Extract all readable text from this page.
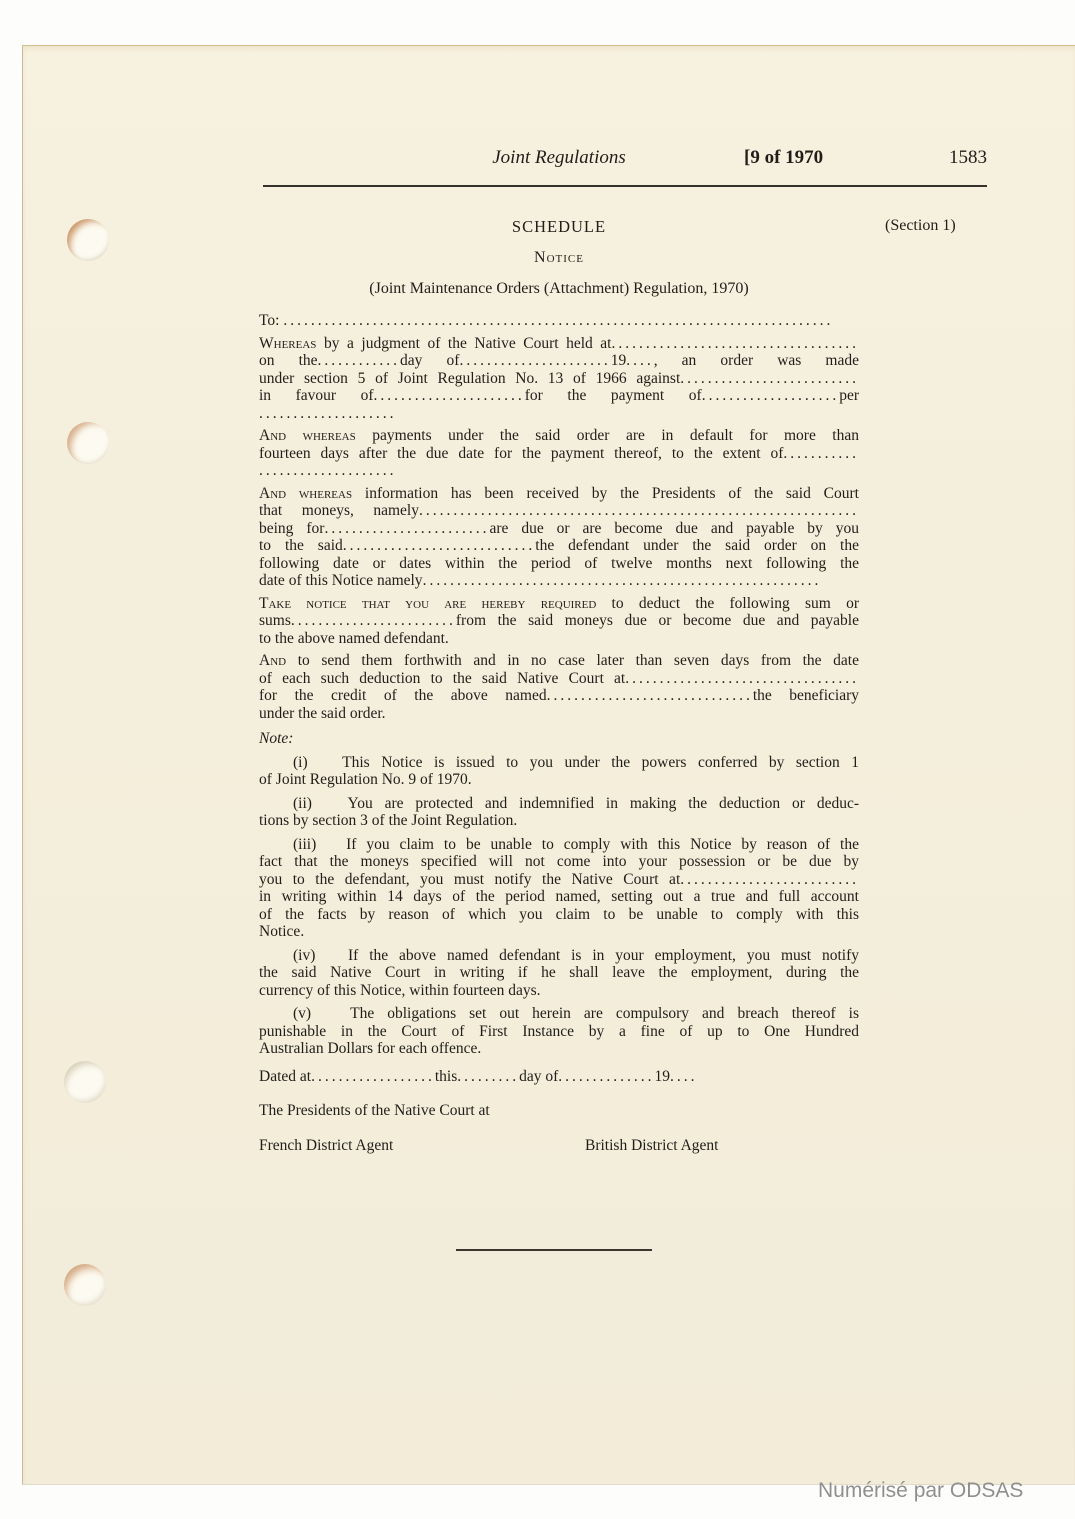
Joint Regulations	[9 of 1970	1583
SCHEDULE	(Section 1)
Notice
(Joint Maintenance Orders (Attachment) Regulation, 1970)
To: ................................................................................
Whereas by a judgment of the Native Court held at....................................
on the............day of......................19...., an order was made
under section 5 of Joint Regulation No. 13 of 1966 against..........................
in favour of......................for the payment of....................per
....................
And whereas payments under the said order are in default for more than
fourteen days after the due date for the payment thereof, to the extent of...........
....................
And whereas information has been received by the Presidents of the said Court
that moneys, namely................................................................
being for........................are due or are become due and payable by you
to the said............................the defendant under the said order on the
following date or dates within the period of twelve months next following the
date of this Notice namely..........................................................
Take notice that you are hereby required to deduct the following sum or
sums........................from the said moneys due or become due and payable
to the above named defendant.
And to send them forthwith and in no case later than seven days from the date
of each such deduction to the said Native Court at..................................
for the credit of the above named..............................the beneficiary
under the said order.
Note:
(i)   This Notice is issued to you under the powers conferred by section 1
of Joint Regulation No. 9 of 1970.
(ii)   You are protected and indemnified in making the deduction or deduc-
tions by section 3 of the Joint Regulation.
(iii)   If you claim to be unable to comply with this Notice by reason of the
fact that the moneys specified will not come into your possession or be due by
you to the defendant, you must notify the Native Court at..........................
in writing within 14 days of the period named, setting out a true and full account
of the facts by reason of which you claim to be unable to comply with this
Notice.
(iv)   If the above named defendant is in your employment, you must notify
the said Native Court in writing if he shall leave the employment, during the
currency of this Notice, within fourteen days.
(v)   The obligations set out herein are compulsory and breach thereof is
punishable in the Court of First Instance by a fine of up to One Hundred
Australian Dollars for each offence.
Dated at..................this.........day of..............19....
The Presidents of the Native Court at
French District Agent	British District Agent
Numérisé par ODSAS
